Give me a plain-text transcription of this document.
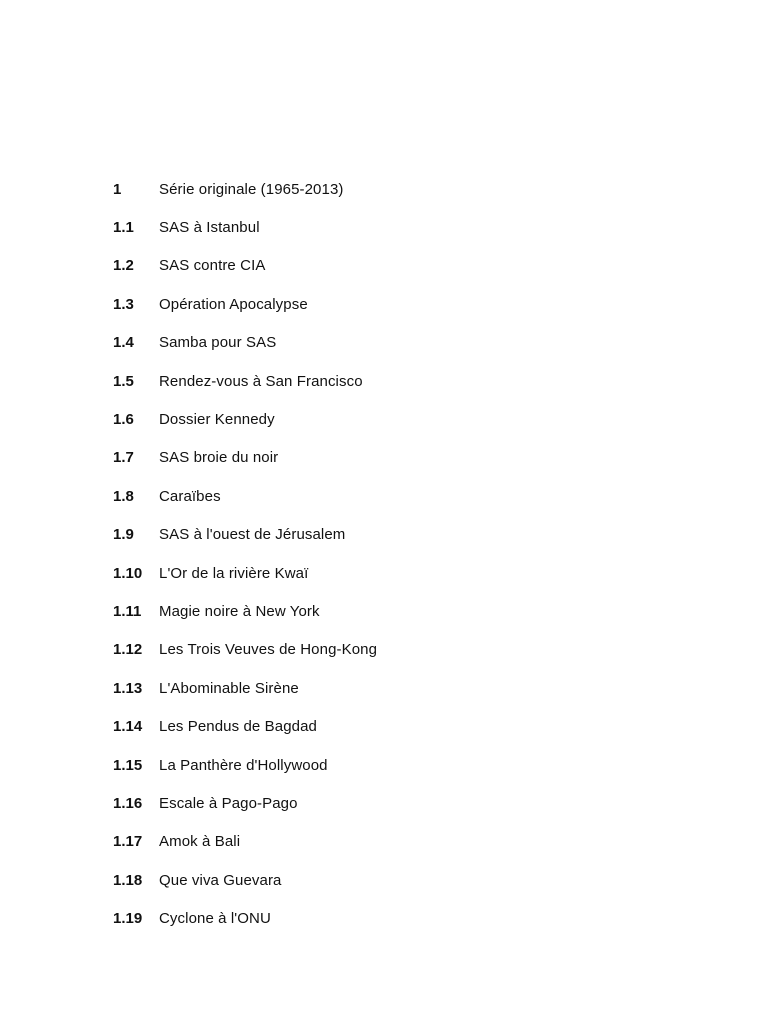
1	Série originale (1965-2013)
1.1	SAS à Istanbul
1.2	SAS contre CIA
1.3	Opération Apocalypse
1.4	Samba pour SAS
1.5	Rendez-vous à San Francisco
1.6	Dossier Kennedy
1.7	SAS broie du noir
1.8	Caraïbes
1.9	SAS à l'ouest de Jérusalem
1.10	L'Or de la rivière Kwaï
1.11	Magie noire à New York
1.12	Les Trois Veuves de Hong-Kong
1.13	L'Abominable Sirène
1.14	Les Pendus de Bagdad
1.15	La Panthère d'Hollywood
1.16	Escale à Pago-Pago
1.17	Amok à Bali
1.18	Que viva Guevara
1.19	Cyclone à l'ONU
